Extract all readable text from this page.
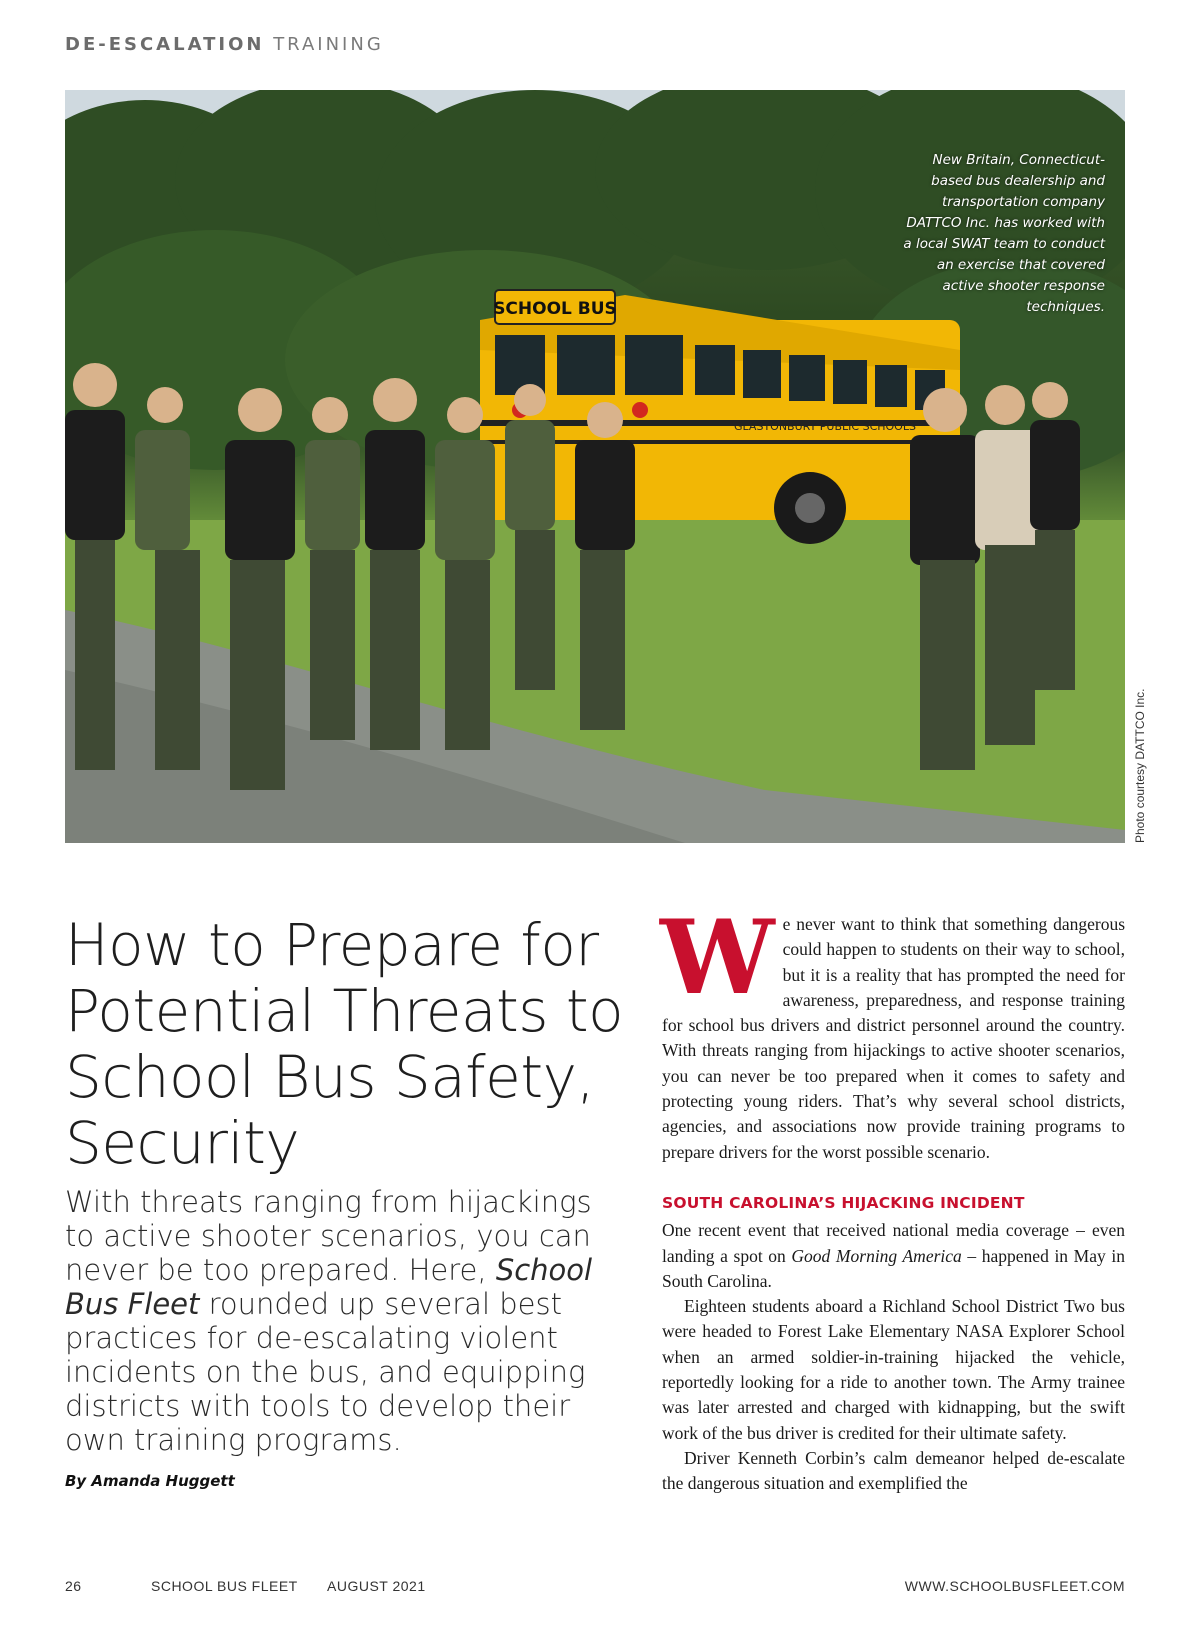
DE-ESCALATION TRAINING
SCHOOL BUS
GLASTONBURY PUBLIC SCHOOLS
New Britain, Connecticut-based bus dealership and transportation company DATTCO Inc. has worked with a local SWAT team to conduct an exercise that covered active shooter response techniques.
Photo courtesy DATTCO Inc.
How to Prepare for Potential Threats to School Bus Safety, Security

With threats ranging from hijackings to active shooter scenarios, you can never be too prepared. Here, School Bus Fleet rounded up several best practices for de-escalating violent incidents on the bus, and equipping districts with tools to develop their own training programs.

By Amanda Huggett

We never want to think that something dangerous could happen to students on their way to school, but it is a reality that has prompted the need for awareness, preparedness, and response training for school bus drivers and district personnel around the country. With threats ranging from hijackings to active shooter scenarios, you can never be too prepared when it comes to safety and protecting young riders. That’s why several school districts, agencies, and associations now provide training programs to prepare drivers for the worst possible scenario.

SOUTH CAROLINA’S HIJACKING INCIDENT

One recent event that received national media coverage – even landing a spot on Good Morning America – happened in May in South Carolina.

Eighteen students aboard a Richland School District Two bus were headed to Forest Lake Elementary NASA Explorer School when an armed soldier-in-training hijacked the vehicle, reportedly looking for a ride to another town. The Army trainee was later arrested and charged with kidnapping, but the swift work of the bus driver is credited for their ultimate safety.

Driver Kenneth Corbin’s calm demeanor helped de-escalate the dangerous situation and exemplified the

26	SCHOOL BUS FLEET AUGUST 2021	WWW.SCHOOLBUSFLEET.COM
